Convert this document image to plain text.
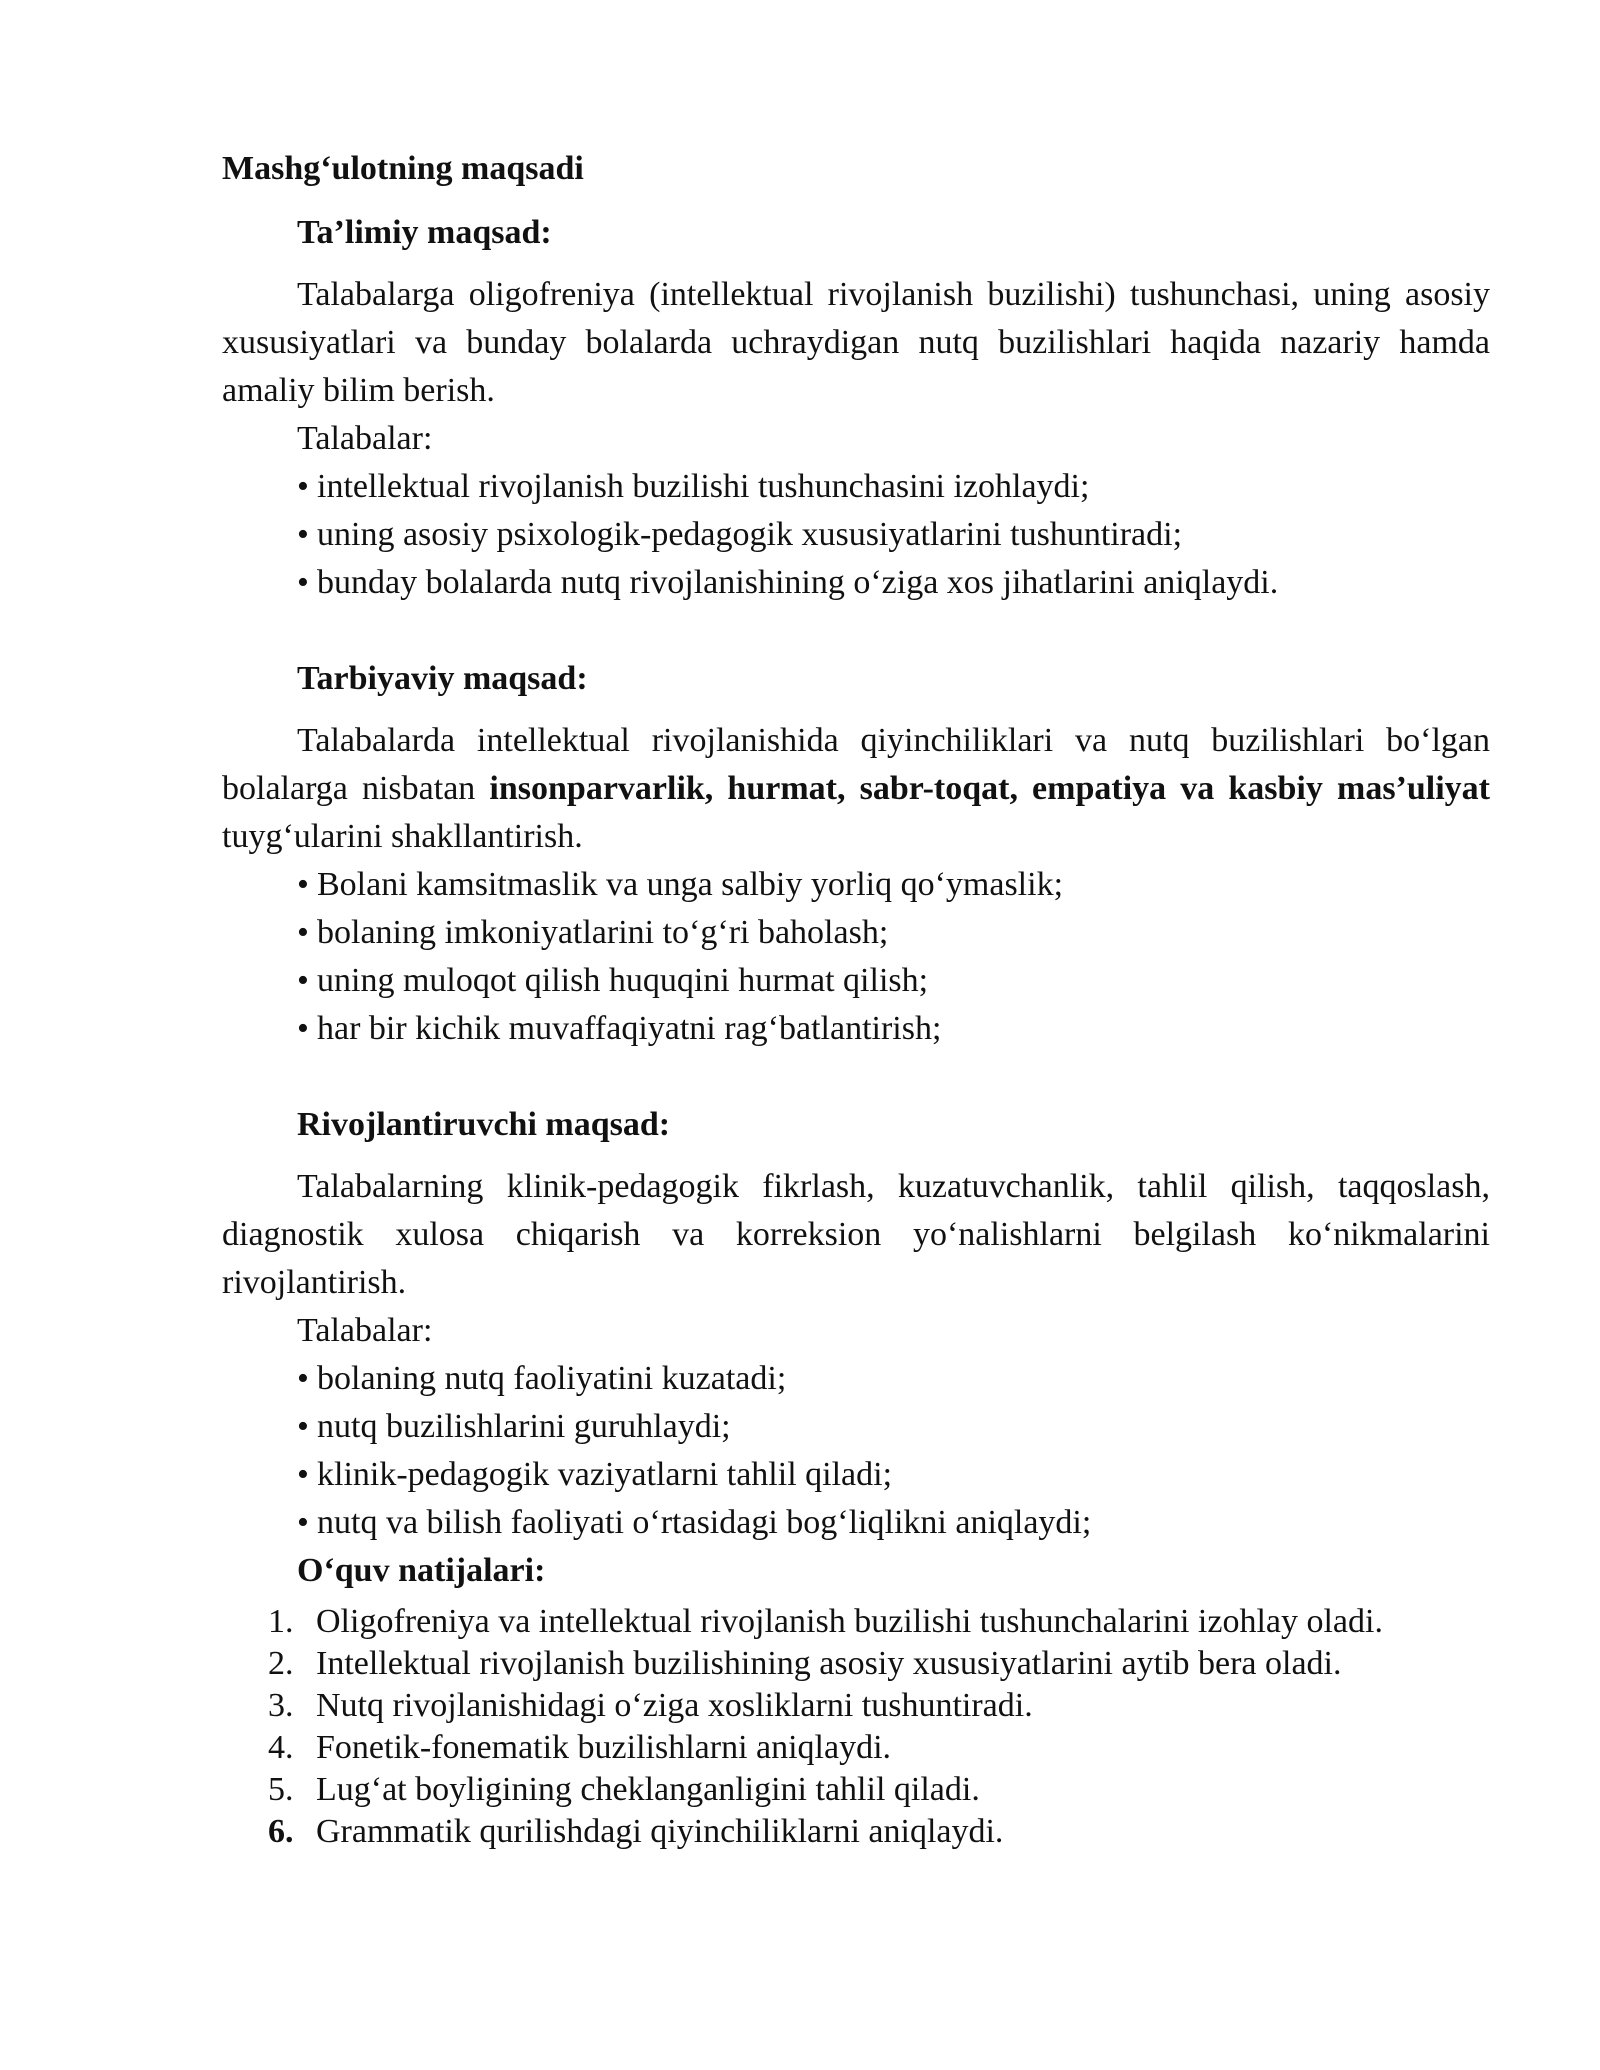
Mashg‘ulotning maqsadi
Ta’limiy maqsad:

Talabalarga oligofreniya (intellektual rivojlanish buzilishi) tushunchasi, uning asosiy xususiyatlari va bunday bolalarda uchraydigan nutq buzilishlari haqida nazariy hamda amaliy bilim berish.

Talabalar:

• intellektual rivojlanish buzilishi tushunchasini izohlaydi;
• uning asosiy psixologik-pedagogik xususiyatlarini tushuntiradi;
• bunday bolalarda nutq rivojlanishining o‘ziga xos jihatlarini aniqlaydi.
Tarbiyaviy maqsad:

Talabalarda intellektual rivojlanishida qiyinchiliklari va nutq buzilishlari bo‘lgan bolalarga nisbatan insonparvarlik, hurmat, sabr-toqat, empatiya va kasbiy mas’uliyat tuyg‘ularini shakllantirish.

• Bolani kamsitmaslik va unga salbiy yorliq qo‘ymaslik;
• bolaning imkoniyatlarini to‘g‘ri baholash;
• uning muloqot qilish huquqini hurmat qilish;
• har bir kichik muvaffaqiyatni rag‘batlantirish;
Rivojlantiruvchi maqsad:

Talabalarning klinik-pedagogik fikrlash, kuzatuvchanlik, tahlil qilish, taqqoslash, diagnostik xulosa chiqarish va korreksion yo‘nalishlarni belgilash ko‘nikmalarini rivojlantirish.

Talabalar:

• bolaning nutq faoliyatini kuzatadi;
• nutq buzilishlarini guruhlaydi;
• klinik-pedagogik vaziyatlarni tahlil qiladi;
• nutq va bilish faoliyati o‘rtasidagi bog‘liqlikni aniqlaydi;
O‘quv natijalari:
1. Oligofreniya va intellektual rivojlanish buzilishi tushunchalarini izohlay oladi.
2. Intellektual rivojlanish buzilishining asosiy xususiyatlarini aytib bera oladi.
3. Nutq rivojlanishidagi o‘ziga xosliklarni tushuntiradi.
4. Fonetik-fonematik buzilishlarni aniqlaydi.
5. Lug‘at boyligining cheklanganligini tahlil qiladi.
6. Grammatik qurilishdagi qiyinchiliklarni aniqlaydi.
